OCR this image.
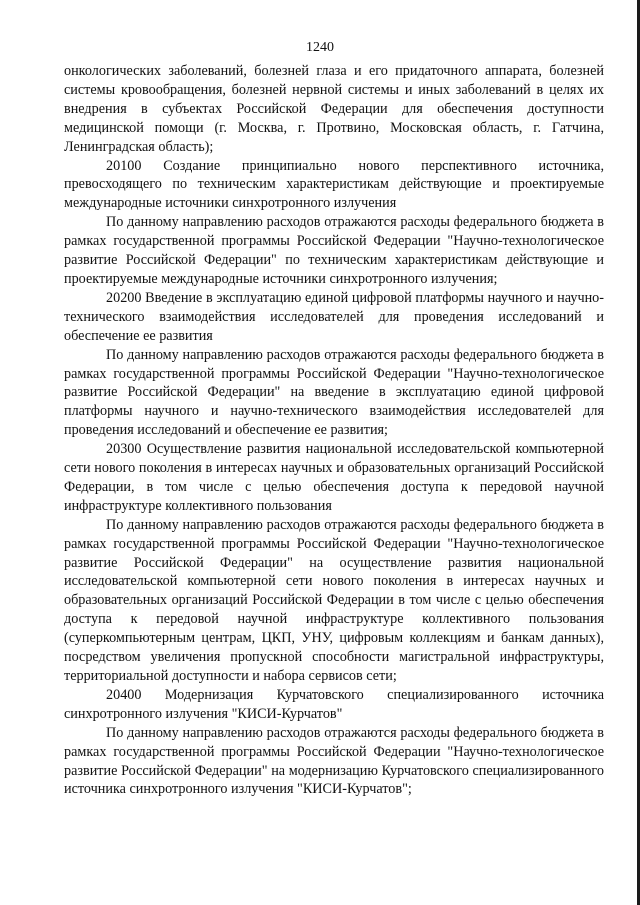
1240

онкологических заболеваний, болезней глаза и его придаточного аппарата, болезней системы кровообращения, болезней нервной системы и иных заболеваний в целях их внедрения в субъектах Российской Федерации для обеспечения доступности медицинской помощи (г. Москва, г. Протвино, Московская область, г. Гатчина, Ленинградская область);

20100 Создание принципиально нового перспективного источника, превосходящего по техническим характеристикам действующие и проектируемые международные источники синхротронного излучения

По данному направлению расходов отражаются расходы федерального бюджета в рамках государственной программы Российской Федерации "Научно-технологическое развитие Российской Федерации" по техническим характеристикам действующие и проектируемые международные источники синхротронного излучения;

20200 Введение в эксплуатацию единой цифровой платформы научного и научно-технического взаимодействия исследователей для проведения исследований и обеспечение ее развития

По данному направлению расходов отражаются расходы федерального бюджета в рамках государственной программы Российской Федерации "Научно-технологическое развитие Российской Федерации" на введение в эксплуатацию единой цифровой платформы научного и научно-технического взаимодействия исследователей для проведения исследований и обеспечение ее развития;

20300 Осуществление развития национальной исследовательской компьютерной сети нового поколения в интересах научных и образовательных организаций Российской Федерации, в том числе с целью обеспечения доступа к передовой научной инфраструктуре коллективного пользования

По данному направлению расходов отражаются расходы федерального бюджета в рамках государственной программы Российской Федерации "Научно-технологическое развитие Российской Федерации" на осуществление развития национальной исследовательской компьютерной сети нового поколения в интересах научных и образовательных организаций Российской Федерации в том числе с целью обеспечения доступа к передовой научной инфраструктуре коллективного пользования (суперкомпьютерным центрам, ЦКП, УНУ, цифровым коллекциям и банкам данных), посредством увеличения пропускной способности магистральной инфраструктуры, территориальной доступности и набора сервисов сети;

20400 Модернизация Курчатовского специализированного источника синхротронного излучения "КИСИ-Курчатов"

По данному направлению расходов отражаются расходы федерального бюджета в рамках государственной программы Российской Федерации "Научно-технологическое развитие Российской Федерации" на модернизацию Курчатовского специализированного источника синхротронного излучения "КИСИ-Курчатов";
